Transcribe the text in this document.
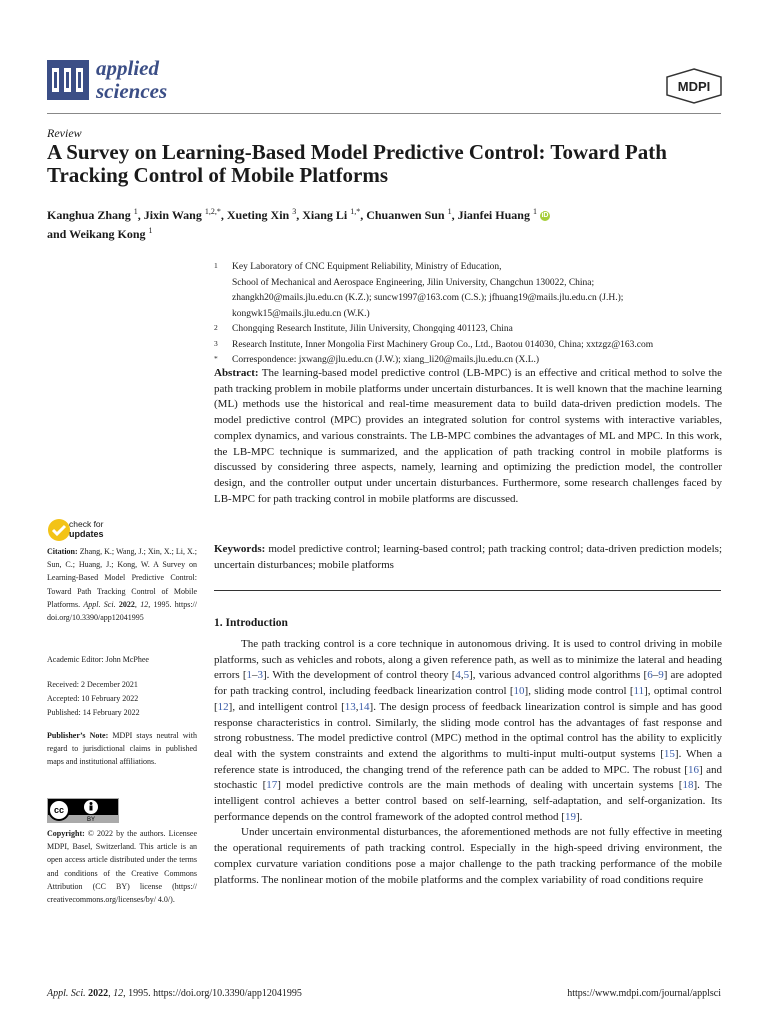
applied
sciences	MDPI
Review
A Survey on Learning-Based Model Predictive Control: Toward Path Tracking Control of Mobile Platforms
Kanghua Zhang $^1$, Jixin Wang $^{1,2,*}$, Xueting Xin $^3$, Xiang Li $^{1,*}$, Chuanwen Sun $^1$, Jianfei Huang $^1$ iD
and Weikang Kong $^1$
1 Key Laboratory of CNC Equipment Reliability, Ministry of Education,
School of Mechanical and Aerospace Engineering, Jilin University, Changchun 130022, China;
zhangkh20@mails.jlu.edu.cn (K.Z.); suncw1997@163.com (C.S.); jfhuang19@mails.jlu.edu.cn (J.H.);
kongwk15@mails.jlu.edu.cn (W.K.)
2 Chongqing Research Institute, Jilin University, Chongqing 401123, China
3 Research Institute, Inner Mongolia First Machinery Group Co., Ltd., Baotou 014030, China; xxtzgz@163.com
* Correspondence: jxwang@jlu.edu.cn (J.W.); xiang_li20@mails.jlu.edu.cn (X.L.)
Abstract: The learning-based model predictive control (LB-MPC) is an effective and critical method to solve the path tracking problem in mobile platforms under uncertain disturbances. It is well known that the machine learning (ML) methods use the historical and real-time measurement data to build data-driven prediction models. The model predictive control (MPC) provides an integrated solution for control systems with interactive variables, complex dynamics, and various constraints. The LB-MPC combines the advantages of ML and MPC. In this work, the LB-MPC technique is summarized, and the application of path tracking control in mobile platforms is discussed by considering three aspects, namely, learning and optimizing the prediction model, the controller design, and the controller output under uncertain disturbances. Furthermore, some research challenges faced by LB-MPC for path tracking control in mobile platforms are discussed.
Keywords: model predictive control; learning-based control; path tracking control; data-driven prediction models; uncertain disturbances; mobile platforms
check for
updates
Citation: Zhang, K.; Wang, J.; Xin, X.; Li, X.; Sun, C.; Huang, J.; Kong, W. A Survey on Learning-Based Model Predictive Control: Toward Path Tracking Control of Mobile Platforms. Appl. Sci. 2022, 12, 1995. https:// doi.org/10.3390/app12041995
Academic Editor: John McPhee
Received: 2 December 2021
Accepted: 10 February 2022
Published: 14 February 2022
Publisher’s Note: MDPI stays neutral with regard to jurisdictional claims in published maps and institutional affiliations.
cc
BY
Copyright: © 2022 by the authors. Licensee MDPI, Basel, Switzerland. This article is an open access article distributed under the terms and conditions of the Creative Commons Attribution (CC BY) license (https:// creativecommons.org/licenses/by/ 4.0/).
1. Introduction

The path tracking control is a core technique in autonomous driving. It is used to control driving in mobile platforms, such as vehicles and robots, along a given reference path, as well as to minimize the lateral and heading errors [1–3]. With the development of control theory [4,5], various advanced control algorithms [6–9] are adopted for path tracking control, including feedback linearization control [10], sliding mode control [11], optimal control [12], and intelligent control [13,14]. The design process of feedback linearization control is simple and has good response characteristics in control. Similarly, the sliding mode control has the advantages of fast response and strong robustness. The model predictive control (MPC) method in the optimal control has the ability to explicitly deal with the system constraints and extend the algorithms to multi-input multi-output systems [15]. When a reference state is introduced, the changing trend of the reference path can be added to MPC. The robust [16] and stochastic [17] model predictive controls are the main methods of dealing with uncertain systems [18]. The intelligent control achieves a better control based on self-learning, self-adaptation, and self-organization. Its performance depends on the control framework of the adopted control method [19].

Under uncertain environmental disturbances, the aforementioned methods are not fully effective in meeting the operational requirements of path tracking control. Especially in the high-speed driving environment, the complex curvature variation conditions pose a major challenge to the path tracking performance of the mobile platforms. The nonlinear motion of the mobile platforms and the complex variability of road conditions require

Appl. Sci. 2022, 12, 1995. https://doi.org/10.3390/app12041995	https://www.mdpi.com/journal/applsci
